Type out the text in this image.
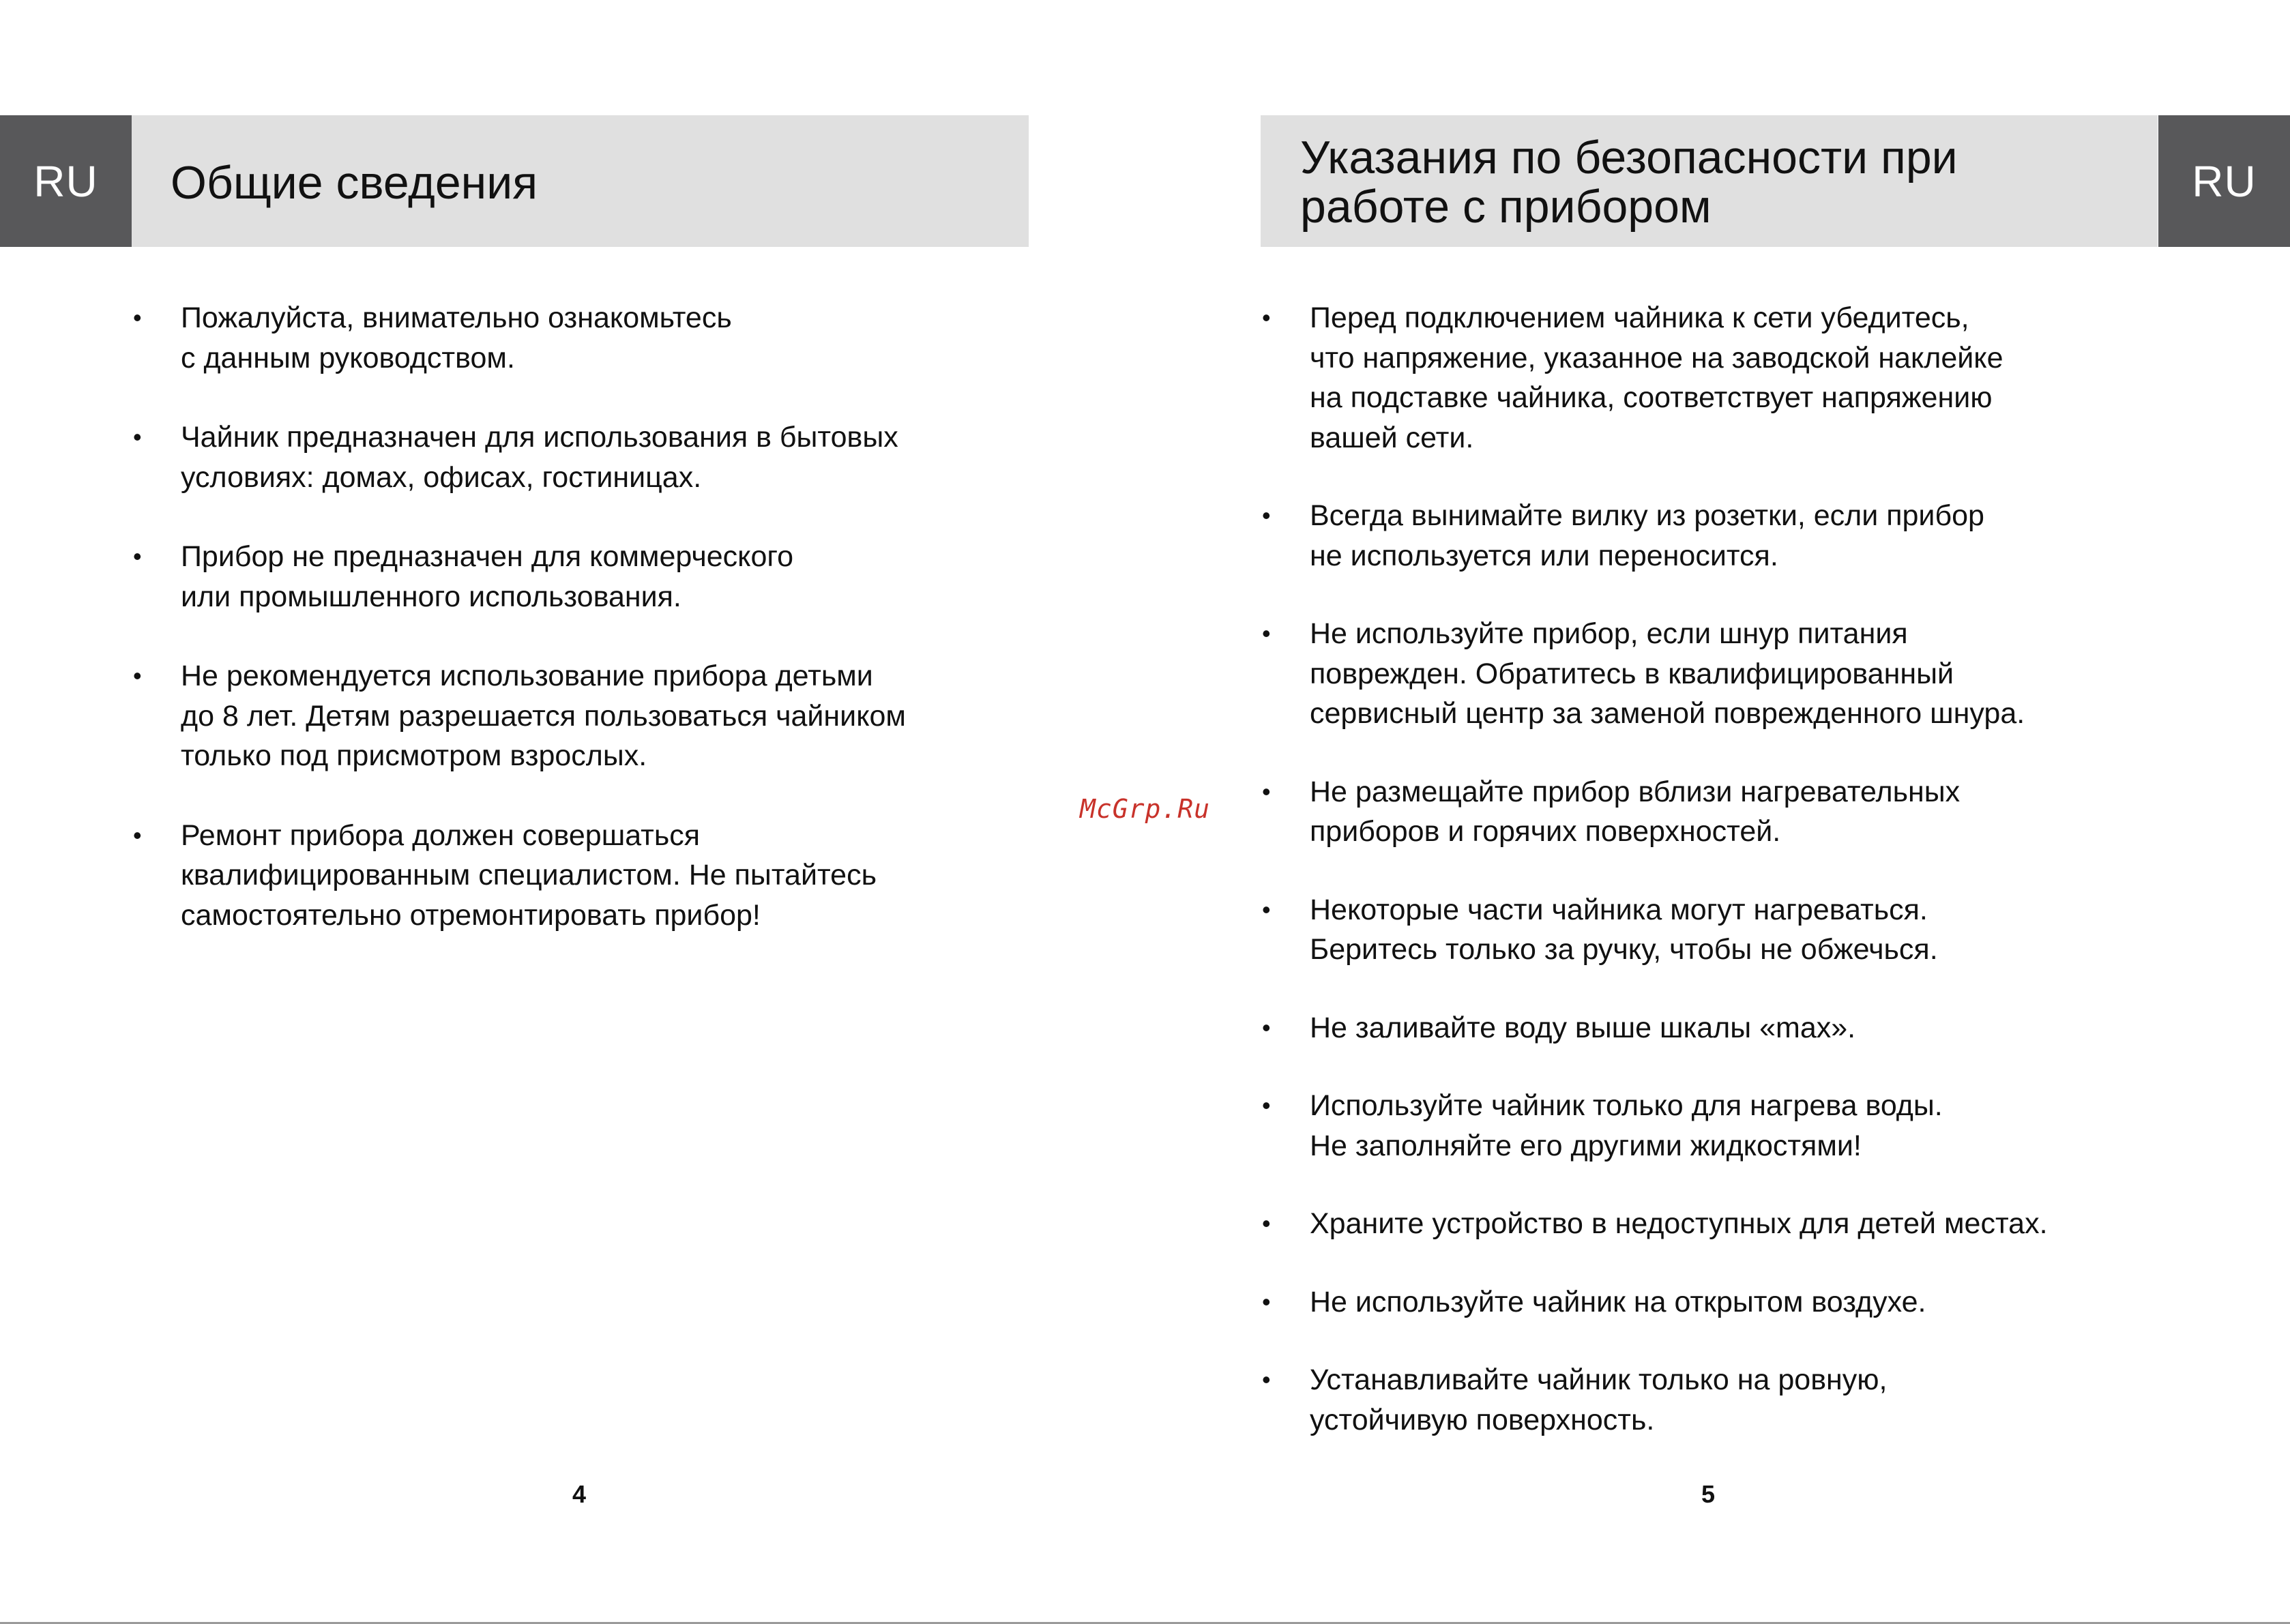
RU	Общие сведения
• Пожалуйста, внимательно ознакомьтесь
с данным руководством.
• Чайник предназначен для использования в бытовых
условиях: домах, офисах, гостиницах.
• Прибор не предназначен для коммерческого
или промышленного использования.
• Не рекомендуется использование прибора детьми
до 8 лет. Детям разрешается пользоваться чайником
только под присмотром взрослых.
• Ремонт прибора должен совершаться
квалифицированным специалистом. Не пытайтесь
самостоятельно отремонтировать прибор!
4
McGrp.Ru
RU
Указания по безопасности при
работе с прибором
• Перед подключением чайника к сети убедитесь,
что напряжение, указанное на заводской наклейке
на подставке чайника, соответствует напряжению
вашей сети.
• Всегда вынимайте вилку из розетки, если прибор
не используется или переносится.
• Не используйте прибор, если шнур питания
поврежден. Обратитесь в квалифицированный
сервисный центр за заменой поврежденного шнура.
• Не размещайте прибор вблизи нагревательных
приборов и горячих поверхностей.
• Некоторые части чайника могут нагреваться.
Беритесь только за ручку, чтобы не обжечься.
• Не заливайте воду выше шкалы «max».
• Используйте чайник только для нагрева воды.
Не заполняйте его другими жидкостями!
• Храните устройство в недоступных для детей местах.
• Не используйте чайник на открытом воздухе.
• Устанавливайте чайник только на ровную,
устойчивую поверхность.
5
